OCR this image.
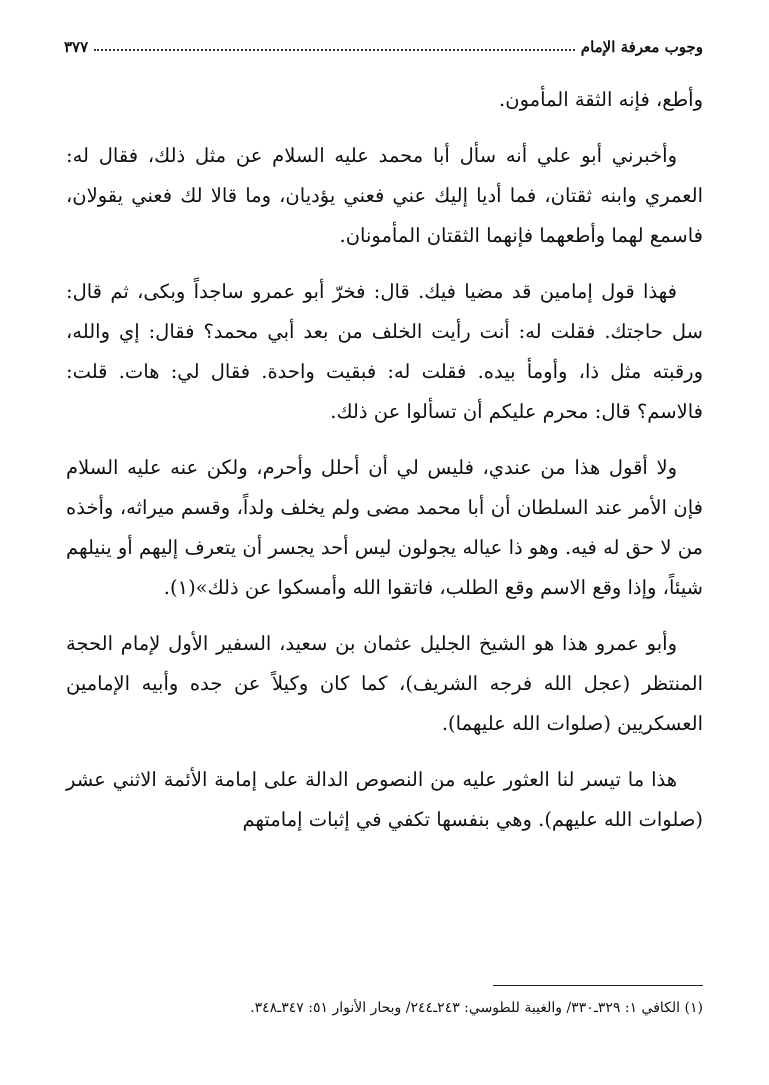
وجوب معرفة الإمام
٣٧٧

وأطع، فإنه الثقة المأمون.

وأخبرني أبو علي أنه سأل أبا محمد عليه السلام عن مثل ذلك، فقال له: العمري وابنه ثقتان، فما أديا إليك عني فعني يؤديان، وما قالا لك فعني يقولان، فاسمع لهما وأطعهما فإنهما الثقتان المأمونان.

فهذا قول إمامين قد مضيا فيك. قال: فخرّ أبو عمرو ساجداً وبكى، ثم قال: سل حاجتك. فقلت له: أنت رأيت الخلف من بعد أبي محمد؟ فقال: إي والله، ورقبته مثل ذا، وأومأ بيده. فقلت له: فبقيت واحدة. فقال لي: هات. قلت: فالاسم؟ قال: محرم عليكم أن تسألوا عن ذلك.

ولا أقول هذا من عندي، فليس لي أن أحلل وأحرم، ولكن عنه عليه السلام فإن الأمر عند السلطان أن أبا محمد مضى ولم يخلف ولداً، وقسم ميراثه، وأخذه من لا حق له فيه. وهو ذا عياله يجولون ليس أحد يجسر أن يتعرف إليهم أو ينيلهم شيئاً، وإذا وقع الاسم وقع الطلب، فاتقوا الله وأمسكوا عن ذلك»(١).

وأبو عمرو هذا هو الشيخ الجليل عثمان بن سعيد، السفير الأول لإمام الحجة المنتظر (عجل الله فرجه الشريف)، كما كان وكيلاً عن جده وأبيه الإمامين العسكريين (صلوات الله عليهما).

هذا ما تيسر لنا العثور عليه من النصوص الدالة على إمامة الأئمة الاثني عشر (صلوات الله عليهم). وهي بنفسها تكفي في إثبات إمامتهم

(١) الكافي ١: ٣٢٩ـ٣٣٠/ والغيبة للطوسي: ٢٤٣ـ٢٤٤/ وبحار الأنوار ٥١: ٣٤٧ـ٣٤٨.
